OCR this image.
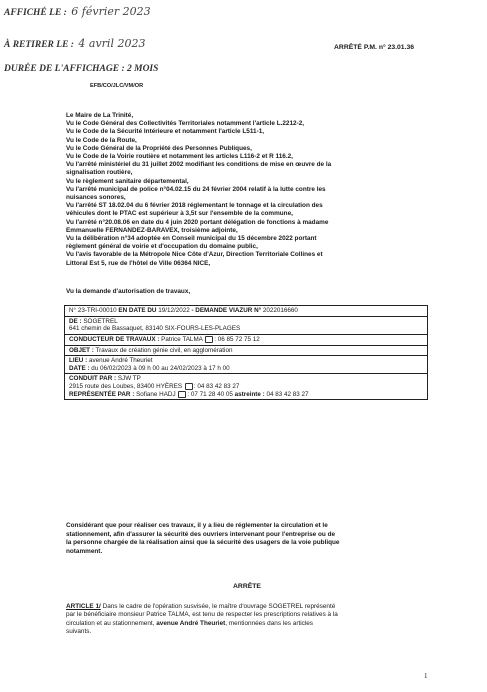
AFFICHÉ LE : 6 février 2023
À RETIRER LE : 4 avril 2023
DURÉE DE L'AFFICHAGE : 2 MOIS
ARRÊTÉ P.M. n° 23.01.36
EFB/CO/JLC/VM/OR
Le Maire de La Trinité,
Vu le Code Général des Collectivités Territoriales notamment l'article L.2212-2,
Vu le Code de la Sécurité Intérieure et notamment l'article L511-1,
Vu le Code de la Route,
Vu le Code Général de la Propriété des Personnes Publiques,
Vu le Code de la Voirie routière et notamment les articles L116-2 et R 116.2,
Vu l'arrêté ministériel du 31 juillet 2002 modifiant les conditions de mise en œuvre de la
signalisation routière,
Vu le règlement sanitaire départemental,
Vu l'arrêté municipal de police n°04.02.15 du 24 février 2004 relatif à la lutte contre les
nuisances sonores,
Vu l'arrêté ST 18.02.04 du 6 février 2018 réglementant le tonnage et la circulation des
véhicules dont le PTAC est supérieur à 3,5t sur l'ensemble de la commune,
Vu l'arrêté n°20.08.06 en date du 4 juin 2020 portant délégation de fonctions à madame
Emmanuelle FERNANDEZ-BARAVEX, troisième adjointe,
Vu la délibération n°34 adoptée en Conseil municipal du 15 décembre 2022 portant
règlement général de voirie et d'occupation du domaine public,
Vu l'avis favorable de la Métropole Nice Côte d'Azur, Direction Territoriale Collines et
Littoral Est 5, rue de l'hôtel de Ville 06364 NICE,
Vu la demande d'autorisation de travaux,
N° 23-TRI-00010 EN DATE DU 19/12/2022 - DEMANDE VIAZUR N° 2022016660
DE : SOGETREL
641 chemin de Bassaquet, 83140 SIX-FOURS-LES-PLAGES
CONDUCTEUR DE TRAVAUX : Patrice TALMA : 06 85 72 75 12
OBJET : Travaux de création génie civil, en agglomération
LIEU : avenue André Theuriet
DATE : du 06/02/2023 à 09 h 00 au 24/02/2023 à 17 h 00
CONDUIT PAR : SJW TP
2915 route des Loubes, 83400 HYÈRES : 04 83 42 83 27
REPRÉSENTÉE PAR : Sofiane HADJ : 07 71 28 40 05 astreinte : 04 83 42 83 27
Considérant que pour réaliser ces travaux, il y a lieu de réglementer la circulation et le
stationnement, afin d'assurer la sécurité des ouvriers intervenant pour l'entreprise ou de
la personne chargée de la réalisation ainsi que la sécurité des usagers de la voie publique
notamment.
ARRÊTE
ARTICLE 1/ Dans le cadre de l'opération susvisée, le maître d'ouvrage SOGETREL représenté
par le bénéficiaire monsieur Patrice TALMA, est tenu de respecter les prescriptions relatives à la
circulation et au stationnement, avenue André Theuriet, mentionnées dans les articles
suivants.
1
